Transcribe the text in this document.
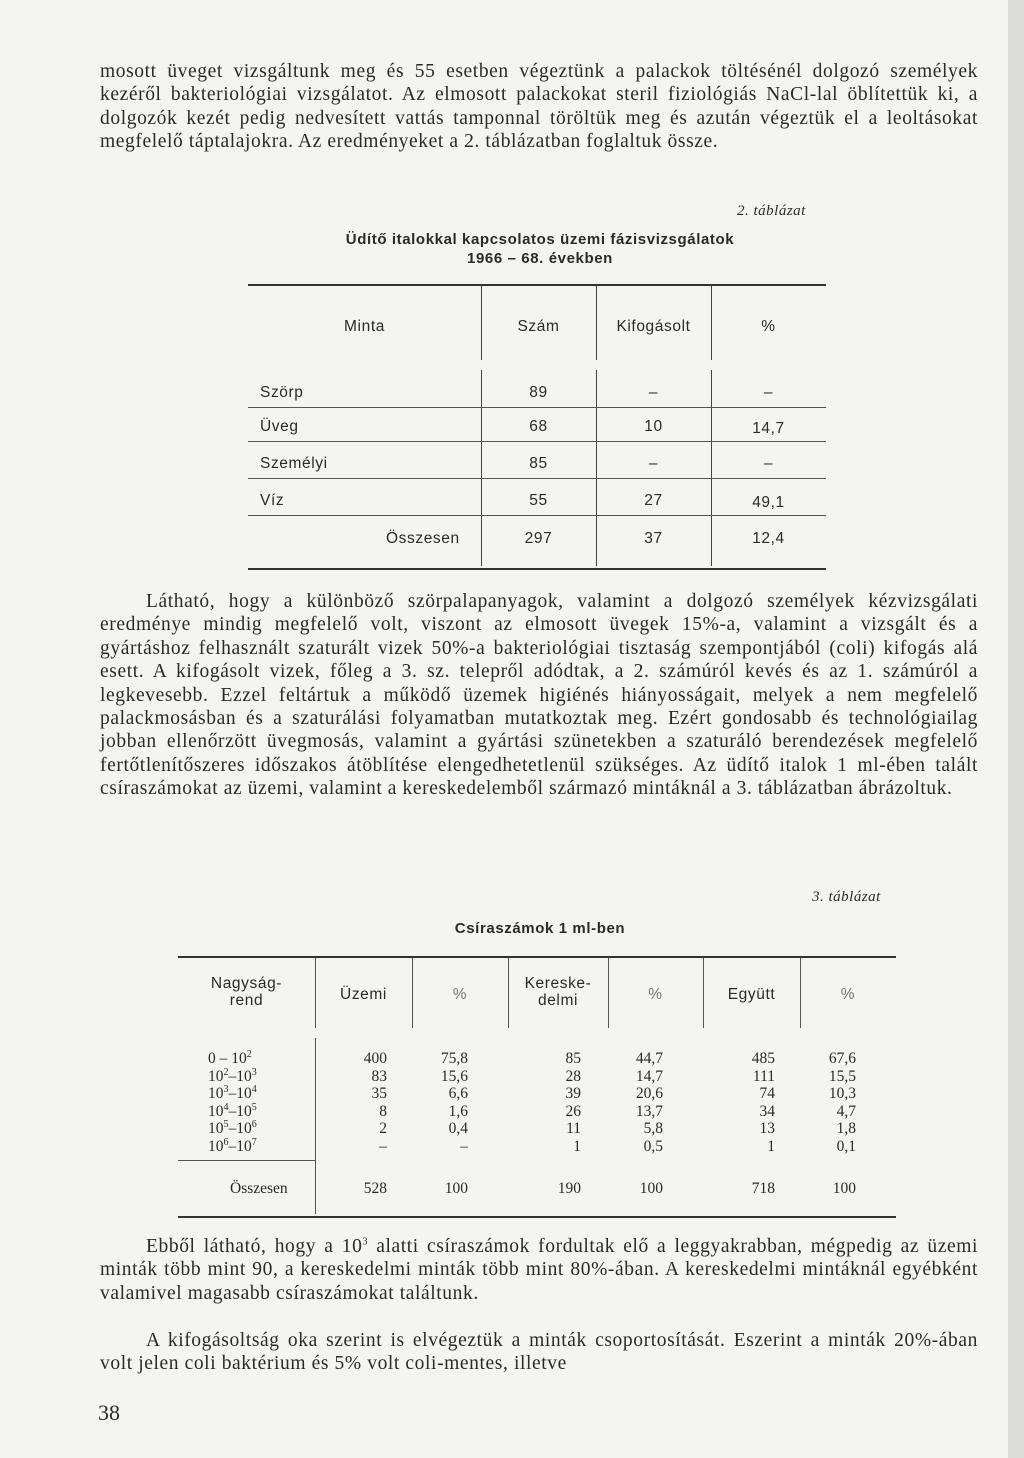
mosott üveget vizsgáltunk meg és 55 esetben végeztünk a palackok töltésénél dolgozó személyek kezéről bakteriológiai vizsgálatot. Az elmosott palackokat steril fiziológiás NaCl-lal öblítettük ki, a dolgozók kezét pedig nedvesített vattás tamponnal töröltük meg és azután végeztük el a leoltásokat megfelelő táptalajokra. Az eredményeket a 2. táblázatban foglaltuk össze.

2. táblázat

Üdítő italokkal kapcsolatos üzemi fázisvizsgálatok
1966 – 68. években

Minta	Szám	Kifogásolt	%
Szörp	89	–	–
Üveg	68	10	14,7
Személyi	85	–	–
Víz	55	27	49,1
Összesen	297	37	12,4

Látható, hogy a különböző szörpalapanyagok, valamint a dolgozó személyek kézvizsgálati eredménye mindig megfelelő volt, viszont az elmosott üvegek 15%-a, valamint a vizsgált és a gyártáshoz felhasznált szaturált vizek 50%-a bakteriológiai tisztaság szempontjából (coli) kifogás alá esett. A kifogásolt vizek, főleg a 3. sz. telepről adódtak, a 2. számúról kevés és az 1. számúról a legkevesebb. Ezzel feltártuk a működő üzemek higiénés hiányosságait, melyek a nem megfelelő palackmosásban és a szaturálási folyamatban mutatkoztak meg. Ezért gondosabb és technológiailag jobban ellenőrzött üvegmosás, valamint a gyártási szünetekben a szaturáló berendezések megfelelő fertőtlenítőszeres időszakos átöblítése elengedhetetlenül szükséges. Az üdítő italok 1 ml-ében talált csíraszámokat az üzemi, valamint a kereskedelemből származó mintáknál a 3. táblázatban ábrázoltuk.

3. táblázat

Csíraszámok 1 ml-ben

Nagyság-
rend	Üzemi	%
Kereske-
delmi	%	Együtt	%
$0 - 10^2$	400	75,8	85	44,7	485	67,6
$10^2-10^3$	83	15,6	28	14,7	111	15,5
$10^3-10^4$	35	6,6	39	20,6	74	10,3
$10^4-10^5$	8	1,6	26	13,7	34	4,7
$10^5-10^6$	2	0,4	11	5,8	13	1,8
$10^6-10^7$	–	–	1	0,5	1	0,1
Összesen	528	100	190	100	718	100

Ebből látható, hogy a $10^3$ alatti csíraszámok fordultak elő a leggyakrabban, mégpedig az üzemi minták több mint 90, a kereskedelmi minták több mint 80%-ában. A kereskedelmi mintáknál egyébként valamivel magasabb csíraszámokat találtunk.

A kifogásoltság oka szerint is elvégeztük a minták csoportosítását. Eszerint a minták 20%-ában volt jelen coli baktérium és 5% volt coli-mentes, illetve

38
